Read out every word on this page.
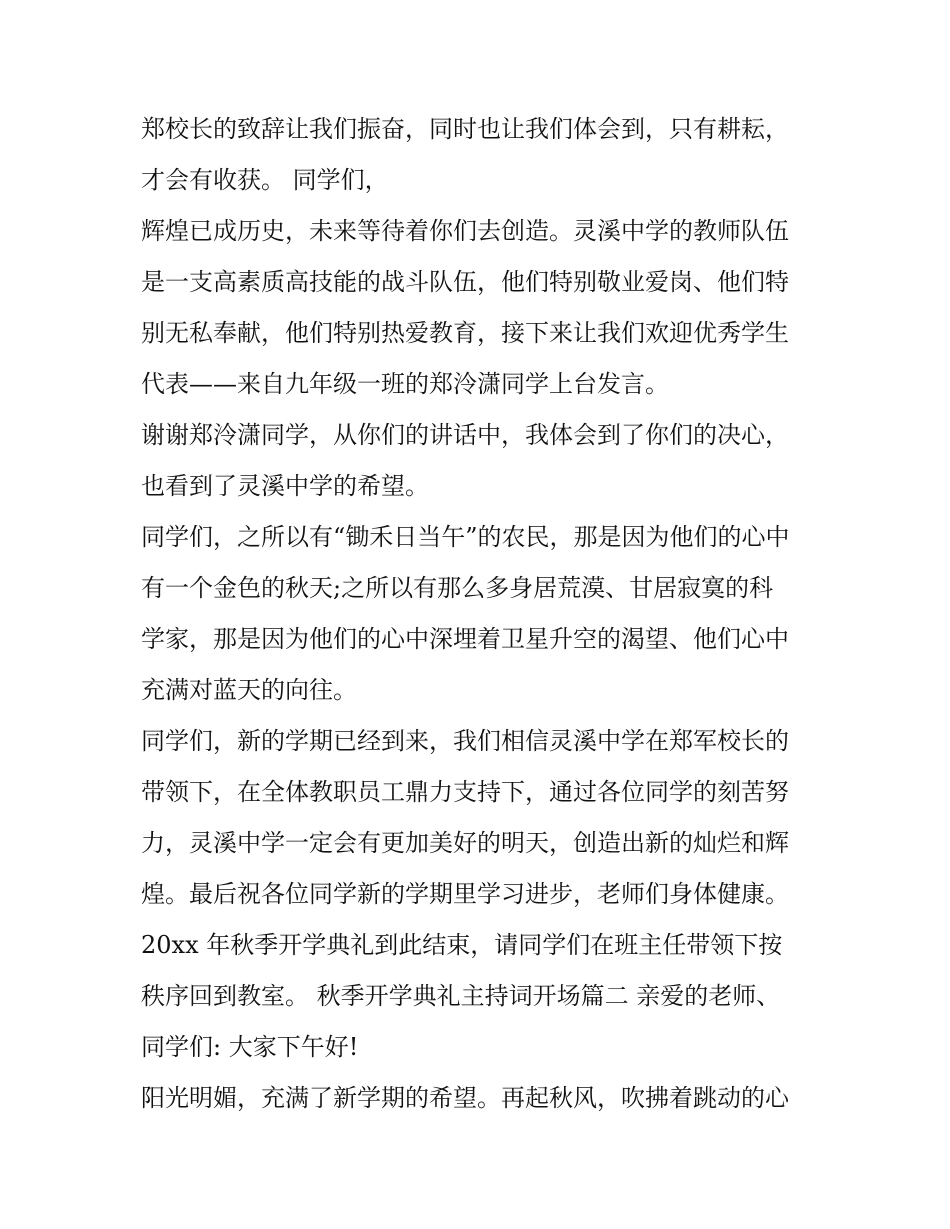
郑校长的致辞让我们振奋，同时也让我们体会到，只有耕耘，
才会有收获。 同学们，
辉煌已成历史，未来等待着你们去创造。灵溪中学的教师队伍
是一支高素质高技能的战斗队伍，他们特别敬业爱岗、他们特
别无私奉献，他们特别热爱教育，接下来让我们欢迎优秀学生
代表——来自九年级一班的郑泠潇同学上台发言。
谢谢郑泠潇同学，从你们的讲话中，我体会到了你们的决心，
也看到了灵溪中学的希望。
同学们，之所以有“锄禾日当午”的农民，那是因为他们的心中
有一个金色的秋天;之所以有那么多身居荒漠、甘居寂寞的科
学家，那是因为他们的心中深埋着卫星升空的渴望、他们心中
充满对蓝天的向往。
同学们，新的学期已经到来，我们相信灵溪中学在郑军校长的
带领下，在全体教职员工鼎力支持下，通过各位同学的刻苦努
力，灵溪中学一定会有更加美好的明天，创造出新的灿烂和辉
煌。最后祝各位同学新的学期里学习进步，老师们身体健康。
20xx 年秋季开学典礼到此结束，请同学们在班主任带领下按
秩序回到教室。 秋季开学典礼主持词开场篇二 亲爱的老师、
同学们: 大家下午好!
阳光明媚，充满了新学期的希望。再起秋风，吹拂着跳动的心
